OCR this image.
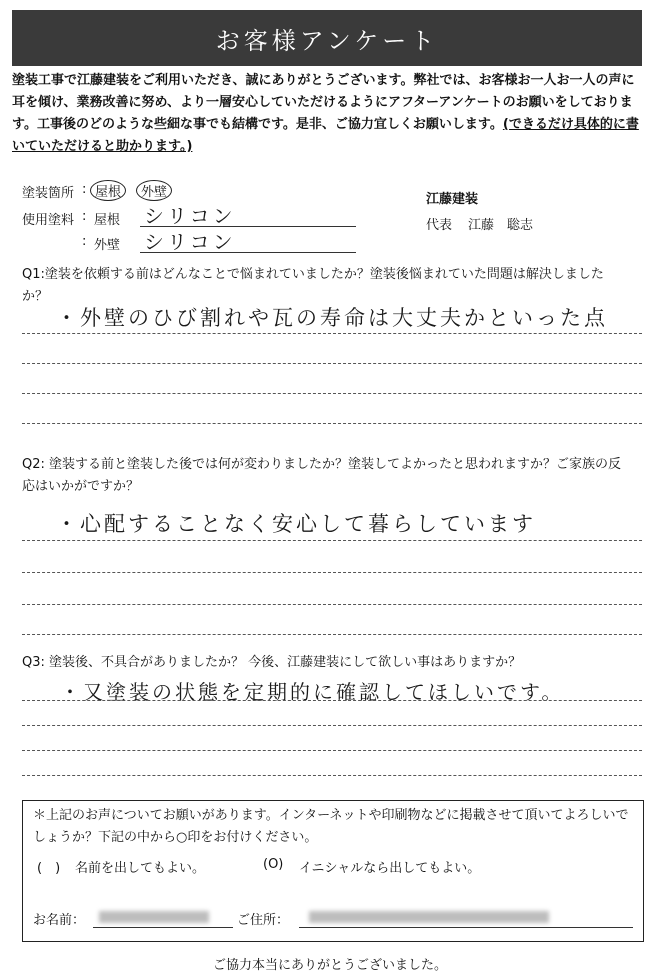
お客様アンケート
塗装工事で江藤建装をご利用いただき、誠にありがとうございます。弊社では、お客様お一人お一人の声に耳を傾け、業務改善に努め、より一層安心していただけるようにアフターアンケートのお願いをしております。工事後のどのような些細な事でも結構です。是非、ご協力宜しくお願いします。(できるだけ具体的に書いていただけると助かります。)
塗装箇所 : 屋根	外壁
使用塗料 : 屋根 シリコン
: 外壁 シリコン
江藤建装
代表 江藤　聡志
Q1:塗装を依頼する前はどんなことで悩まれていましたか？塗装後悩まれていた問題は解決しましたか？
・外壁のひび割れや瓦の寿命は大丈夫かといった点
Q2: 塗装する前と塗装した後では何が変わりましたか？塗装してよかったと思われますか？ご家族の反応はいかがですか？
・心配することなく安心して暮らしています
Q3: 塗装後、不具合がありましたか？ 今後、江藤建装にして欲しい事はありますか？
・又塗装の状態を定期的に確認してほしいです。
＊上記のお声についてお願いがあります。インターネットや印刷物などに掲載させて頂いてよろしいでしょうか？下記の中から○印をお付けください。
(　) 名前を出してもよい。	(O) イニシャルなら出してもよい。
お名前：	ご住所：
ご協力本当にありがとうございました。
